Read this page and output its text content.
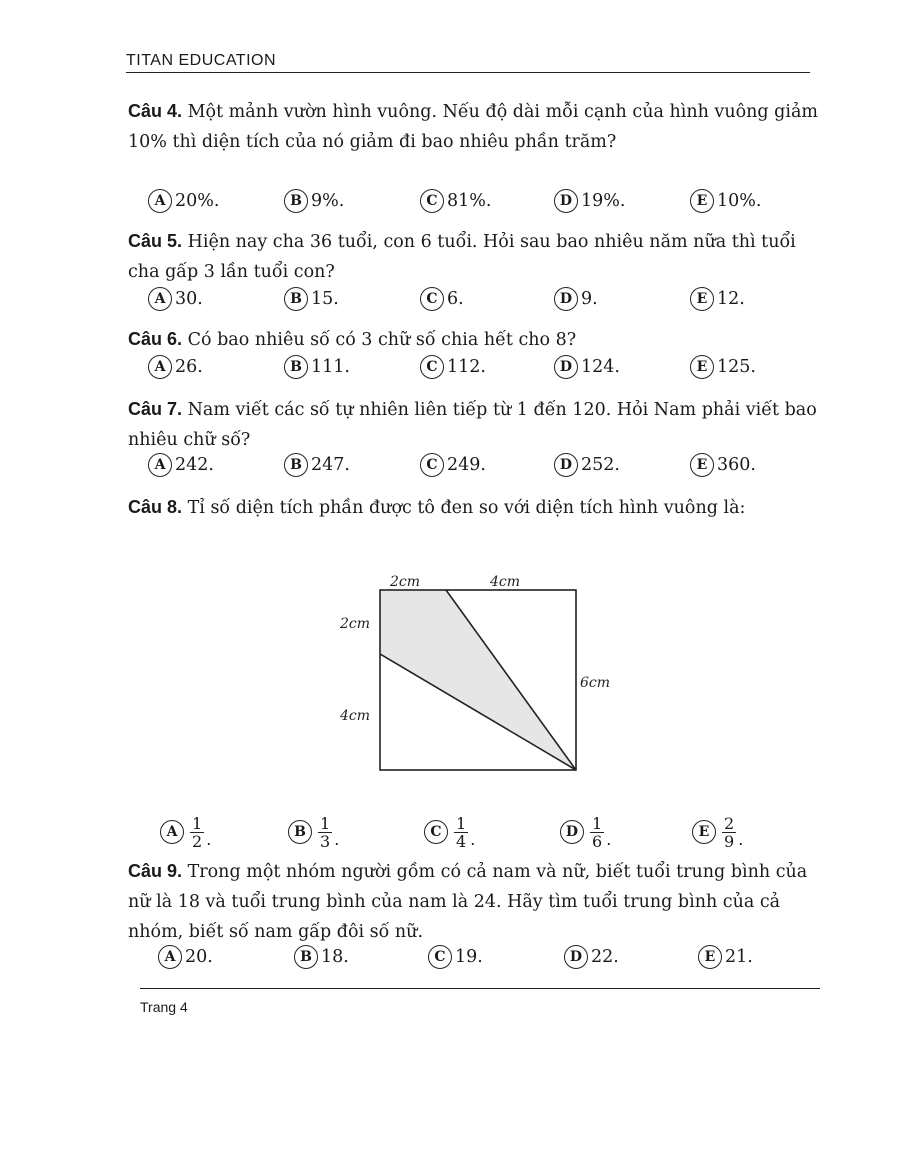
TITAN EDUCATION
Câu 4. Một mảnh vườn hình vuông. Nếu độ dài mỗi cạnh của hình vuông giảm 10% thì diện tích của nó giảm đi bao nhiêu phần trăm?
A 20%.	B 9%.	C 81%.	D 19%.	E 10%.
Câu 5. Hiện nay cha 36 tuổi, con 6 tuổi. Hỏi sau bao nhiêu năm nữa thì tuổi cha gấp 3 lần tuổi con?
A 30.	B 15.	C 6.	D 9.	E 12.
Câu 6. Có bao nhiêu số có 3 chữ số chia hết cho 8?
A 26.	B 111.	C 112.	D 124.	E 125.
Câu 7. Nam viết các số tự nhiên liên tiếp từ 1 đến 120. Hỏi Nam phải viết bao nhiêu chữ số?
A 242.	B 247.	C 249.	D 252.	E 360.
Câu 8. Tỉ số diện tích phần được tô đen so với diện tích hình vuông là:
2cm	4cm
2cm
4cm
6cm
A $\frac{1}{2}$ .	B $\frac{1}{3}$ .	C $\frac{1}{4}$ .	D $\frac{1}{6}$ .	E $\frac{2}{9}$ .
Câu 9. Trong một nhóm người gồm có cả nam và nữ, biết tuổi trung bình của nữ là 18 và tuổi trung bình của nam là 24. Hãy tìm tuổi trung bình của cả nhóm, biết số nam gấp đôi số nữ.
A 20.	B 18.	C 19.	D 22.	E 21.
Trang 4
